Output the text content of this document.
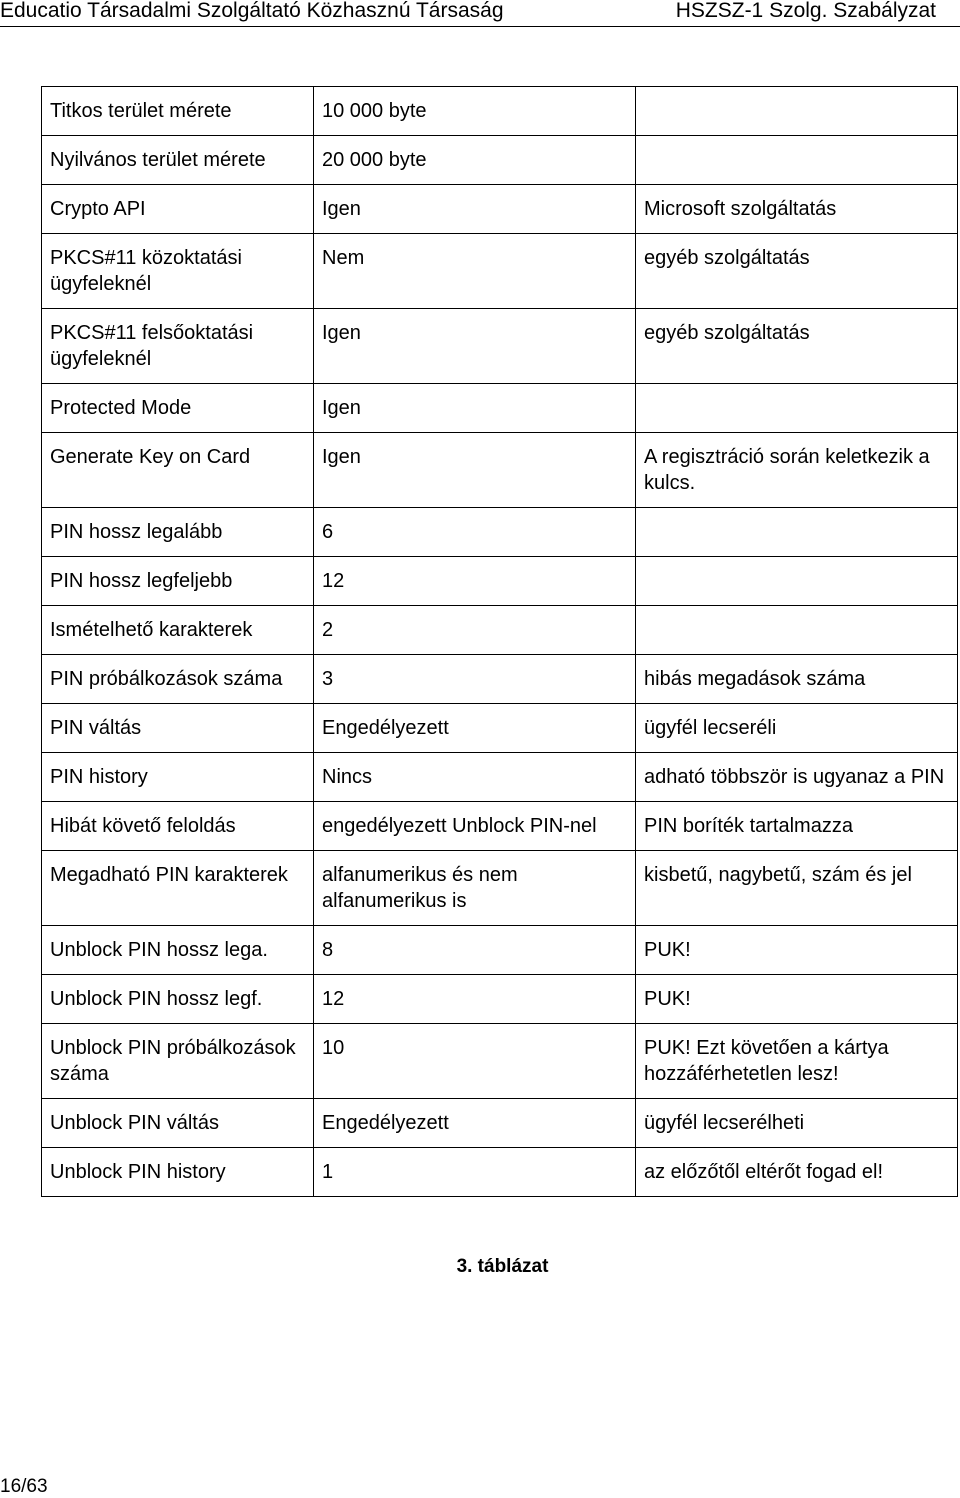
Educatio Társadalmi Szolgáltató Közhasznú Társaság	HSZSZ-1 Szolg. Szabályzat
Titkos terület mérete	10 000 byte	
Nyilvános terület mérete	20 000 byte	
Crypto API	Igen	Microsoft szolgáltatás
PKCS#11 közoktatási ügyfeleknél	Nem	egyéb szolgáltatás
PKCS#11 felsőoktatási ügyfeleknél	Igen	egyéb szolgáltatás
Protected Mode	Igen	
Generate Key on Card	Igen	A regisztráció során keletkezik a kulcs.
PIN hossz legalább	6	
PIN hossz legfeljebb	12	
Ismételhető karakterek	2	
PIN próbálkozások száma	3	hibás megadások száma
PIN váltás	Engedélyezett	ügyfél lecseréli
PIN history	Nincs	adható többször is ugyanaz a PIN
Hibát követő feloldás	engedélyezett Unblock PIN-nel	PIN boríték tartalmazza
Megadható PIN karakterek	alfanumerikus és nem alfanumerikus is	kisbetű, nagybetű, szám és jel
Unblock PIN hossz lega.	8	PUK!
Unblock PIN hossz legf.	12	PUK!
Unblock PIN próbálkozások száma	10	PUK! Ezt követően a kártya hozzáférhetetlen lesz!
Unblock PIN váltás	Engedélyezett	ügyfél lecserélheti
Unblock PIN history	1	az előzőtől eltérőt fogad el!
3. táblázat
16/63
